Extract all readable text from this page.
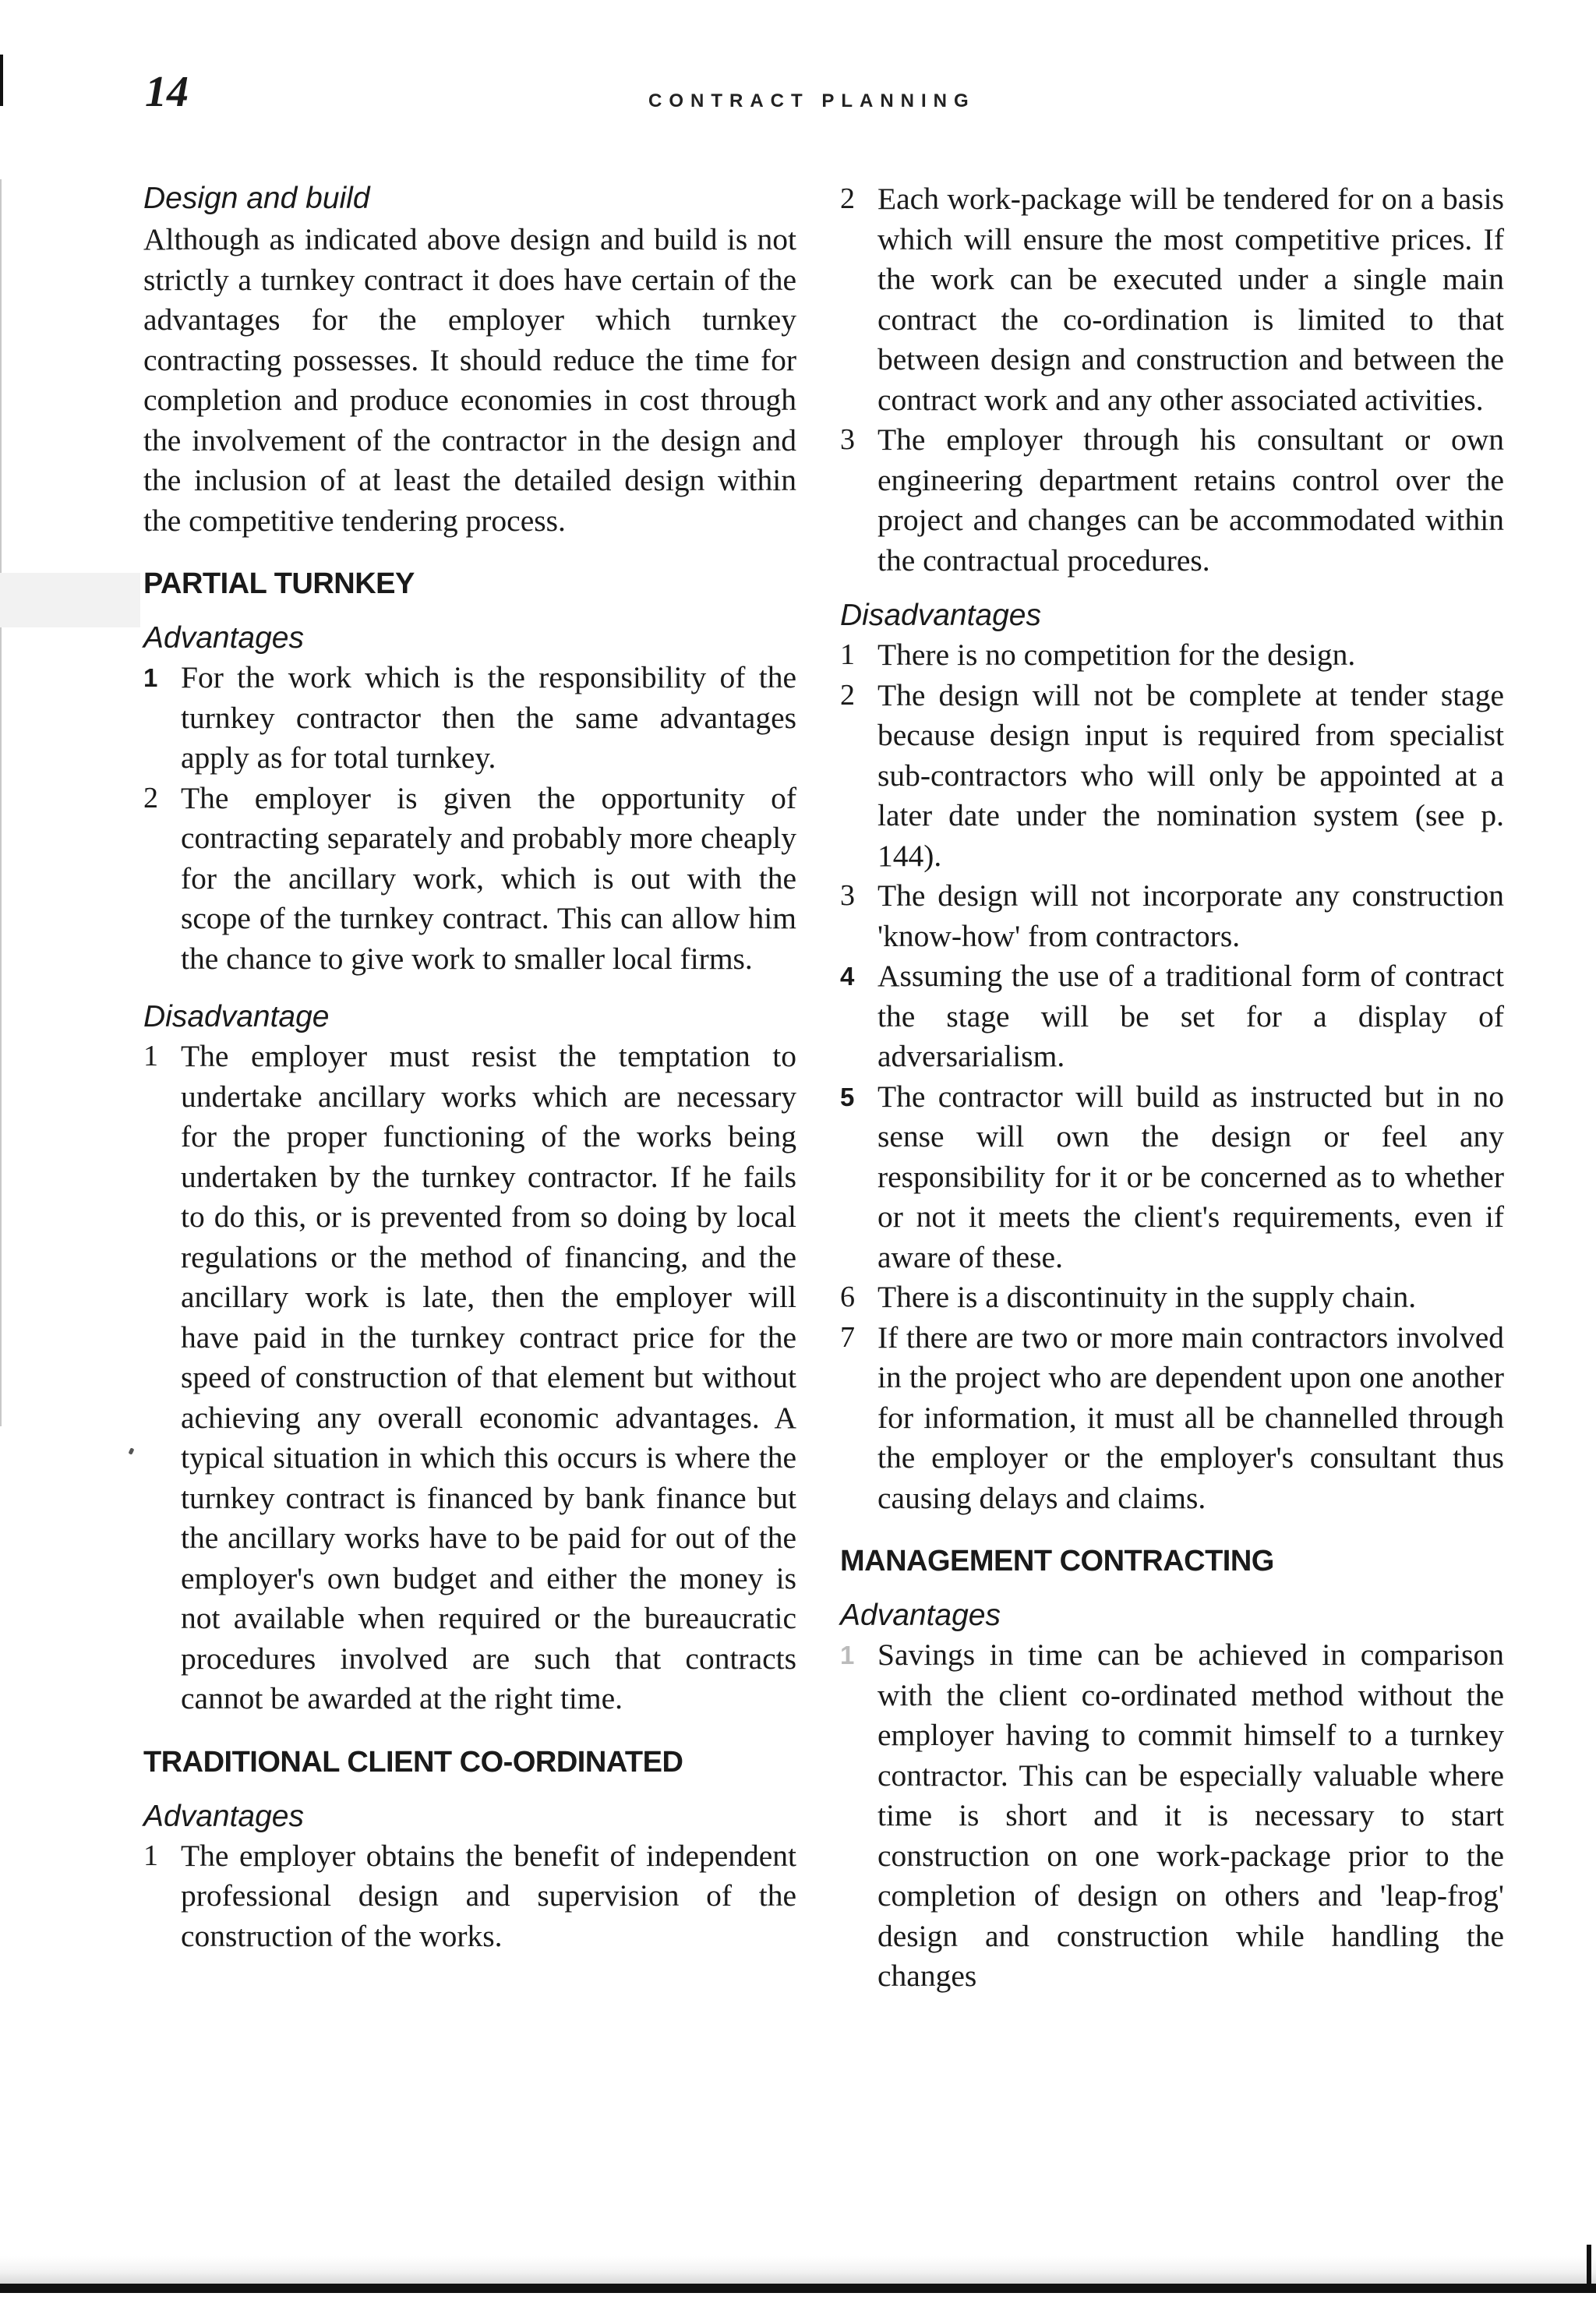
14	CONTRACT PLANNING
Design and build

Although as indicated above design and build is not strictly a turnkey contract it does have certain of the advantages for the employer which turnkey contracting possesses. It should reduce the time for completion and produce economies in cost through the involvement of the contractor in the design and the inclusion of at least the detailed design within the competitive tendering process.

PARTIAL TURNKEY
Advantages
1 For the work which is the responsibility of the turnkey contractor then the same advantages apply as for total turnkey.
2 The employer is given the opportunity of contracting separately and probably more cheaply for the ancillary work, which is out with the scope of the turnkey contract. This can allow him the chance to give work to smaller local firms.
Disadvantage
1 The employer must resist the temptation to undertake ancillary works which are necessary for the proper functioning of the works being undertaken by the turnkey contractor. If he fails to do this, or is prevented from so doing by local regulations or the method of financing, and the ancillary work is late, then the employer will have paid in the turnkey contract price for the speed of construction of that element but without achieving any overall economic advantages. A typical situation in which this occurs is where the turnkey contract is financed by bank finance but the ancillary works have to be paid for out of the employer's own budget and either the money is not available when required or the bureaucratic procedures involved are such that contracts cannot be awarded at the right time.
TRADITIONAL CLIENT CO-ORDINATED
Advantages
1 The employer obtains the benefit of independent professional design and supervision of the construction of the works.
2 Each work-package will be tendered for on a basis which will ensure the most competitive prices. If the work can be executed under a single main contract the co-ordination is limited to that between design and construction and between the contract work and any other associated activities.
3 The employer through his consultant or own engineering department retains control over the project and changes can be accommodated within the contractual procedures.
Disadvantages
1 There is no competition for the design.
2 The design will not be complete at tender stage because design input is required from specialist sub-contractors who will only be appointed at a later date under the nomination system (see p. 144).
3 The design will not incorporate any construction 'know-how' from contractors.
4 Assuming the use of a traditional form of contract the stage will be set for a display of adversarialism.
5 The contractor will build as instructed but in no sense will own the design or feel any responsibility for it or be concerned as to whether or not it meets the client's requirements, even if aware of these.
6 There is a discontinuity in the supply chain.
7 If there are two or more main contractors involved in the project who are dependent upon one another for information, it must all be channelled through the employer or the employer's consultant thus causing delays and claims.
MANAGEMENT CONTRACTING
Advantages
1 Savings in time can be achieved in comparison with the client co-ordinated method without the employer having to commit himself to a turnkey contractor. This can be especially valuable where time is short and it is necessary to start construction on one work-package prior to the completion of design on others and 'leap-frog' design and construction while handling the changes
